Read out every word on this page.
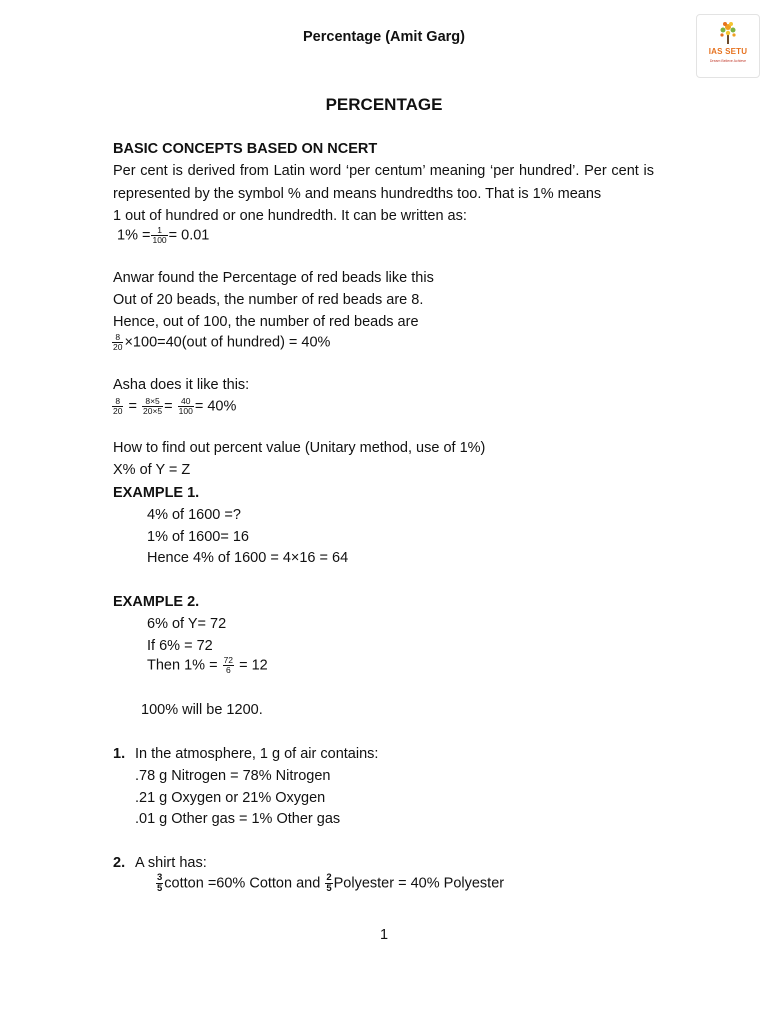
Percentage (Amit Garg)
IAS SETU
Dream Believe Achieve
PERCENTAGE
BASIC CONCEPTS BASED ON NCERT
Per cent is derived from Latin word ‘per centum’ meaning ‘per hundred’. Per cent is
represented by the symbol % and means hundredths too. That is 1% means
1 out of hundred or one hundredth. It can be written as:
$1\% = \frac{1}{100} = 0.01$
Anwar found the Percentage of red beads like this
Out of 20 beads, the number of red beads are 8.
Hence, out of 100, the number of red beads are
$\frac{8}{20} \times 100=40(out$ of hundred) = 40%
Asha does it like this:
$\frac{8}{20} = \frac{8\times 5}{20\times 5} = \frac{40}{100} = 40\%$
How to find out percent value (Unitary method, use of 1%)
X% of Y = Z
EXAMPLE 1.
4% of 1600 =?
1% of 1600= 16
Hence 4% of 1600 = 4×16 = 64
EXAMPLE 2.
6% of Y= 72
If 6% = 72
Then $1\% = \frac{72}{6} = 12$
100% will be 1200.
1. In the atmosphere, 1 g of air contains:
.78 g Nitrogen = 78% Nitrogen
.21 g Oxygen or 21% Oxygen
.01 g Other gas = 1% Other gas
2. A shirt has:
$\frac{3}{5}$ cotton =60% Cotton and $\frac{2}{5}$ Polyester = 40% Polyester
1
